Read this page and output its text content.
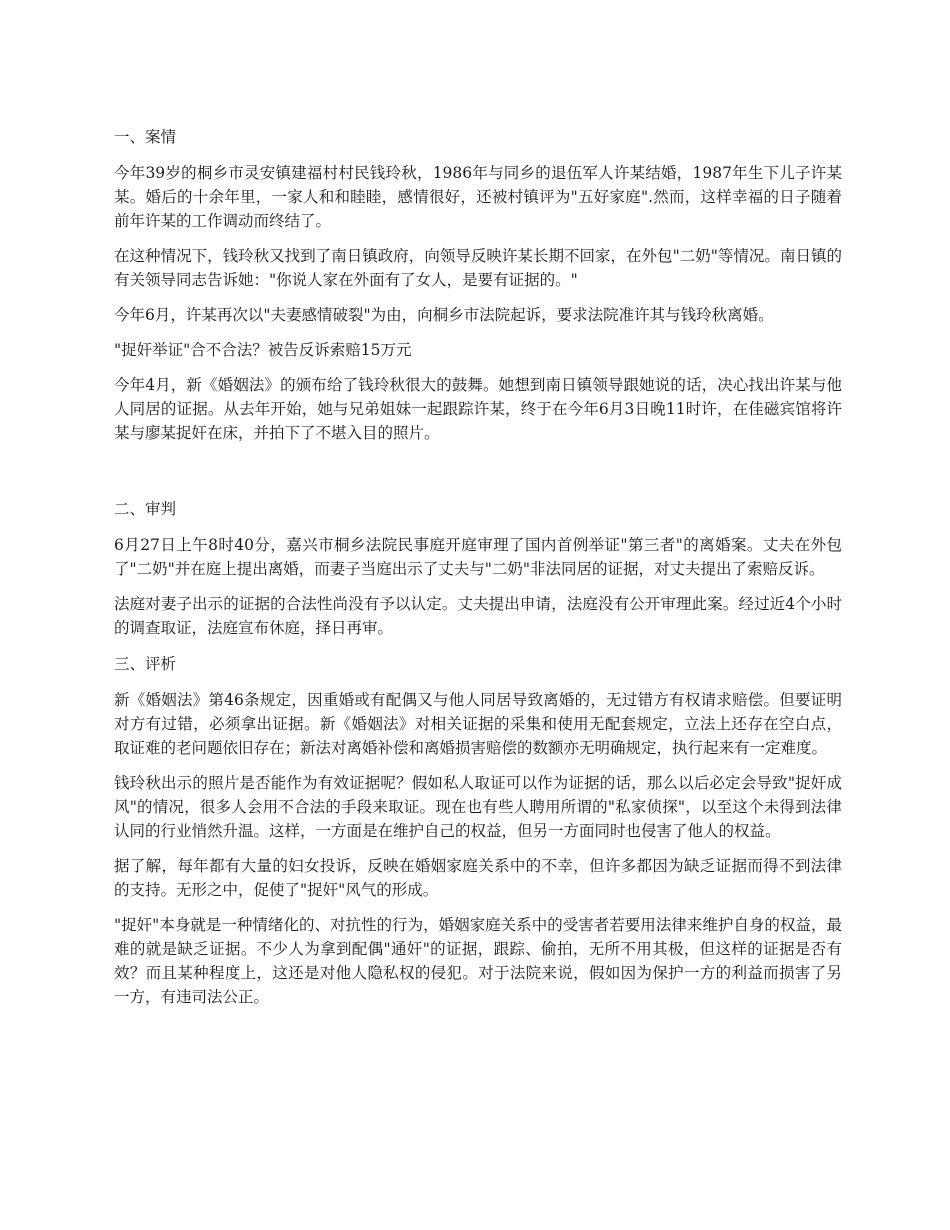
一、案情

今年39岁的桐乡市灵安镇建福村村民钱玲秋，1986年与同乡的退伍军人许某结婚，1987年生下儿子许某某。婚后的十余年里，一家人和和睦睦，感情很好，还被村镇评为"五好家庭".然而，这样幸福的日子随着前年许某的工作调动而终结了。

在这种情况下，钱玲秋又找到了南日镇政府，向领导反映许某长期不回家，在外包"二奶"等情况。南日镇的有关领导同志告诉她："你说人家在外面有了女人，是要有证据的。"

今年6月，许某再次以"夫妻感情破裂"为由，向桐乡市法院起诉，要求法院准许其与钱玲秋离婚。

"捉奸举证"合不合法？被告反诉索赔15万元

今年4月，新《婚姻法》的颁布给了钱玲秋很大的鼓舞。她想到南日镇领导跟她说的话，决心找出许某与他人同居的证据。从去年开始，她与兄弟姐妹一起跟踪许某，终于在今年6月3日晚11时许，在佳磁宾馆将许某与廖某捉奸在床，并拍下了不堪入目的照片。

二、审判

6月27日上午8时40分，嘉兴市桐乡法院民事庭开庭审理了国内首例举证"第三者"的离婚案。丈夫在外包了"二奶"并在庭上提出离婚，而妻子当庭出示了丈夫与"二奶"非法同居的证据，对丈夫提出了索赔反诉。

法庭对妻子出示的证据的合法性尚没有予以认定。丈夫提出申请，法庭没有公开审理此案。经过近4个小时的调查取证，法庭宣布休庭，择日再审。

三、评析

新《婚姻法》第46条规定，因重婚或有配偶又与他人同居导致离婚的，无过错方有权请求赔偿。但要证明对方有过错，必须拿出证据。新《婚姻法》对相关证据的采集和使用无配套规定，立法上还存在空白点，取证难的老问题依旧存在；新法对离婚补偿和离婚损害赔偿的数额亦无明确规定，执行起来有一定难度。

钱玲秋出示的照片是否能作为有效证据呢？假如私人取证可以作为证据的话，那么以后必定会导致"捉奸成风"的情况，很多人会用不合法的手段来取证。现在也有些人聘用所谓的"私家侦探"，以至这个未得到法律认同的行业悄然升温。这样，一方面是在维护自己的权益，但另一方面同时也侵害了他人的权益。

据了解，每年都有大量的妇女投诉，反映在婚姻家庭关系中的不幸，但许多都因为缺乏证据而得不到法律的支持。无形之中，促使了"捉奸"风气的形成。

"捉奸"本身就是一种情绪化的、对抗性的行为，婚姻家庭关系中的受害者若要用法律来维护自身的权益，最难的就是缺乏证据。不少人为拿到配偶"通奸"的证据，跟踪、偷拍，无所不用其极，但这样的证据是否有效？而且某种程度上，这还是对他人隐私权的侵犯。对于法院来说，假如因为保护一方的利益而损害了另一方，有违司法公正。
